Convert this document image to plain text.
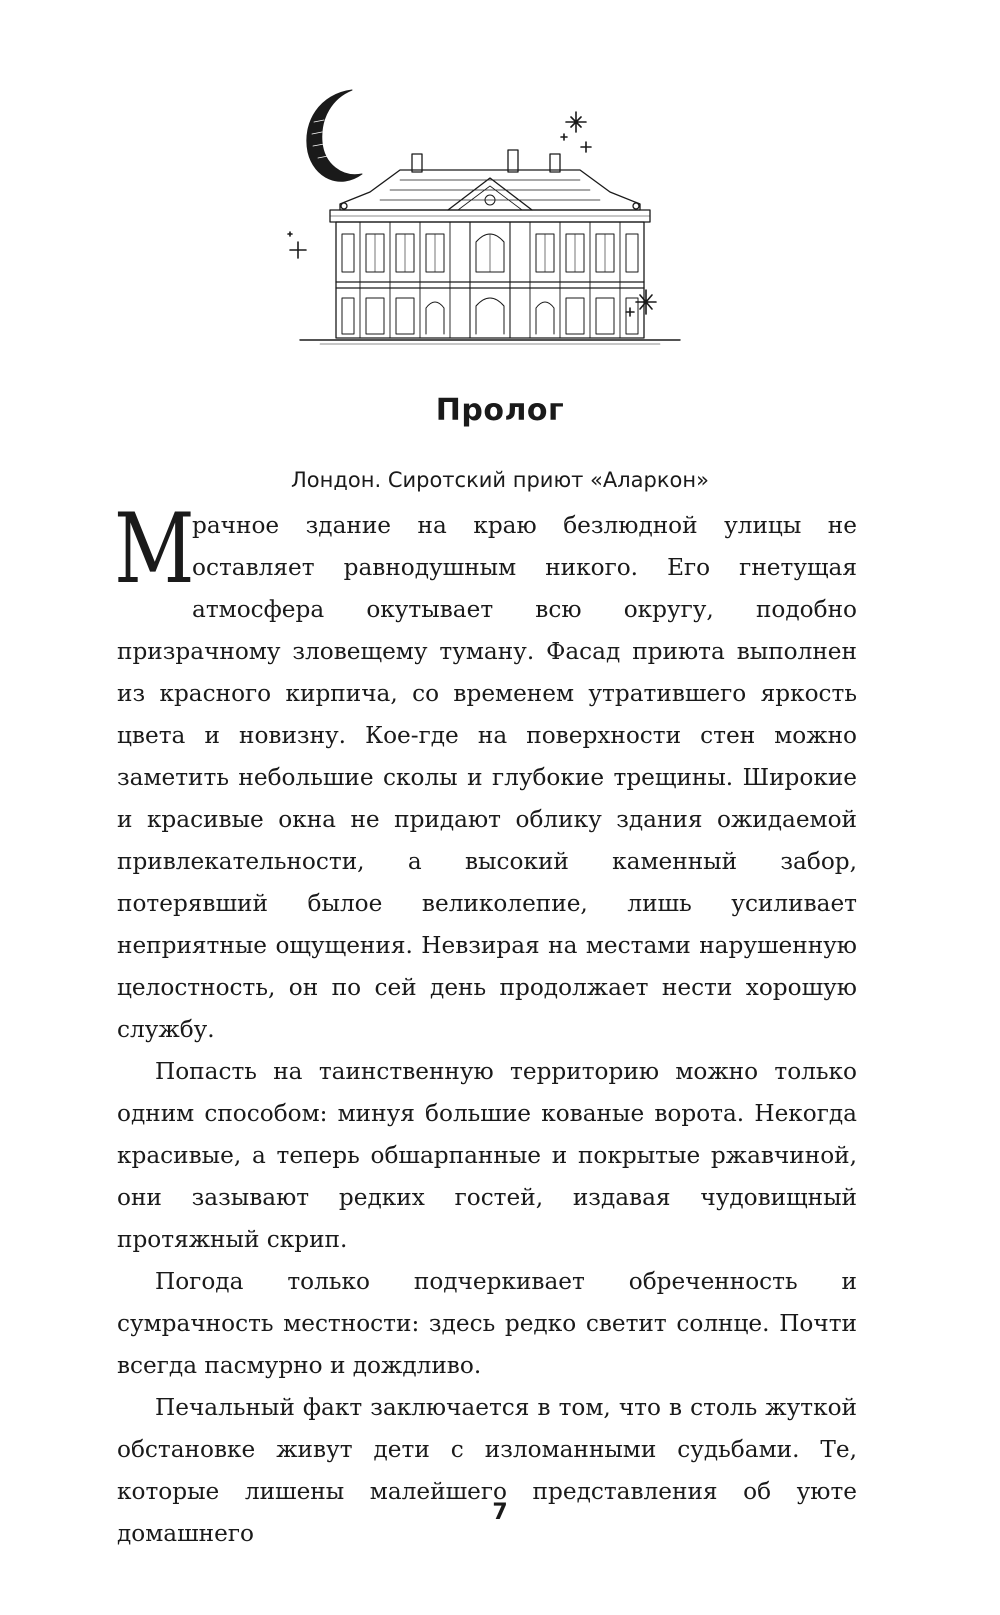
Пролог
Лондон. Сиротский приют «Аларкон»

М
рачное здание на краю безлюдной улицы не оставляет равнодушным никого. Его гнетущая атмосфера окутывает всю округу, подобно призрачному зловещему туману. Фасад приюта выполнен из красного кирпича, со временем утратившего яркость цвета и новизну. Кое-где на поверхности стен можно заметить небольшие сколы и глубокие трещины. Широкие и красивые окна не придают облику здания ожидаемой привлекательности, а высокий каменный забор, потерявший былое великолепие, лишь усиливает неприятные ощущения. Невзирая на местами нарушенную целостность, он по сей день продолжает нести хорошую службу.

Попасть на таинственную территорию можно только одним способом: минуя большие кованые ворота. Некогда красивые, а теперь обшарпанные и покрытые ржавчиной, они зазывают редких гостей, издавая чудовищный протяжный скрип.

Погода только подчеркивает обреченность и сумрачность местности: здесь редко светит солнце. Почти всегда пасмурно и дождливо.

Печальный факт заключается в том, что в столь жуткой обстановке живут дети с изломанными судьбами. Те, которые лишены малейшего представления об уюте домашнего

7
